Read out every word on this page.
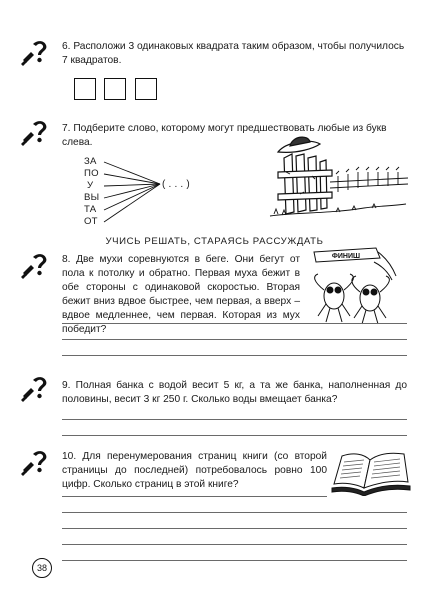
6. Расположи 3 одинаковых квадрата таким образом, чтобы получилось 7 квадратов.
7. Подберите слово, которому могут предшествовать любые из букв слева.
ЗА
ПО
У
ВЫ
ТА
ОТ
( . . . )
УЧИСЬ РЕШАТЬ, СТАРАЯСЬ РАССУЖДАТЬ
8. Две мухи соревнуются в беге. Они бегут от пола к потолку и обратно. Первая муха бежит в обе стороны с одинаковой скоростью. Вторая бежит вниз вдвое быстрее, чем первая, а вверх – вдвое медленнее, чем первая. Которая из мух победит?
ФИНИШ
9. Полная банка с водой весит 5 кг, а та же банка, наполненная до половины, весит 3 кг 250 г. Сколько воды вмещает банка?
10. Для перенумерования страниц книги (со второй страницы до последней) потребовалось ровно 100 цифр. Сколько страниц в этой книге?
38
